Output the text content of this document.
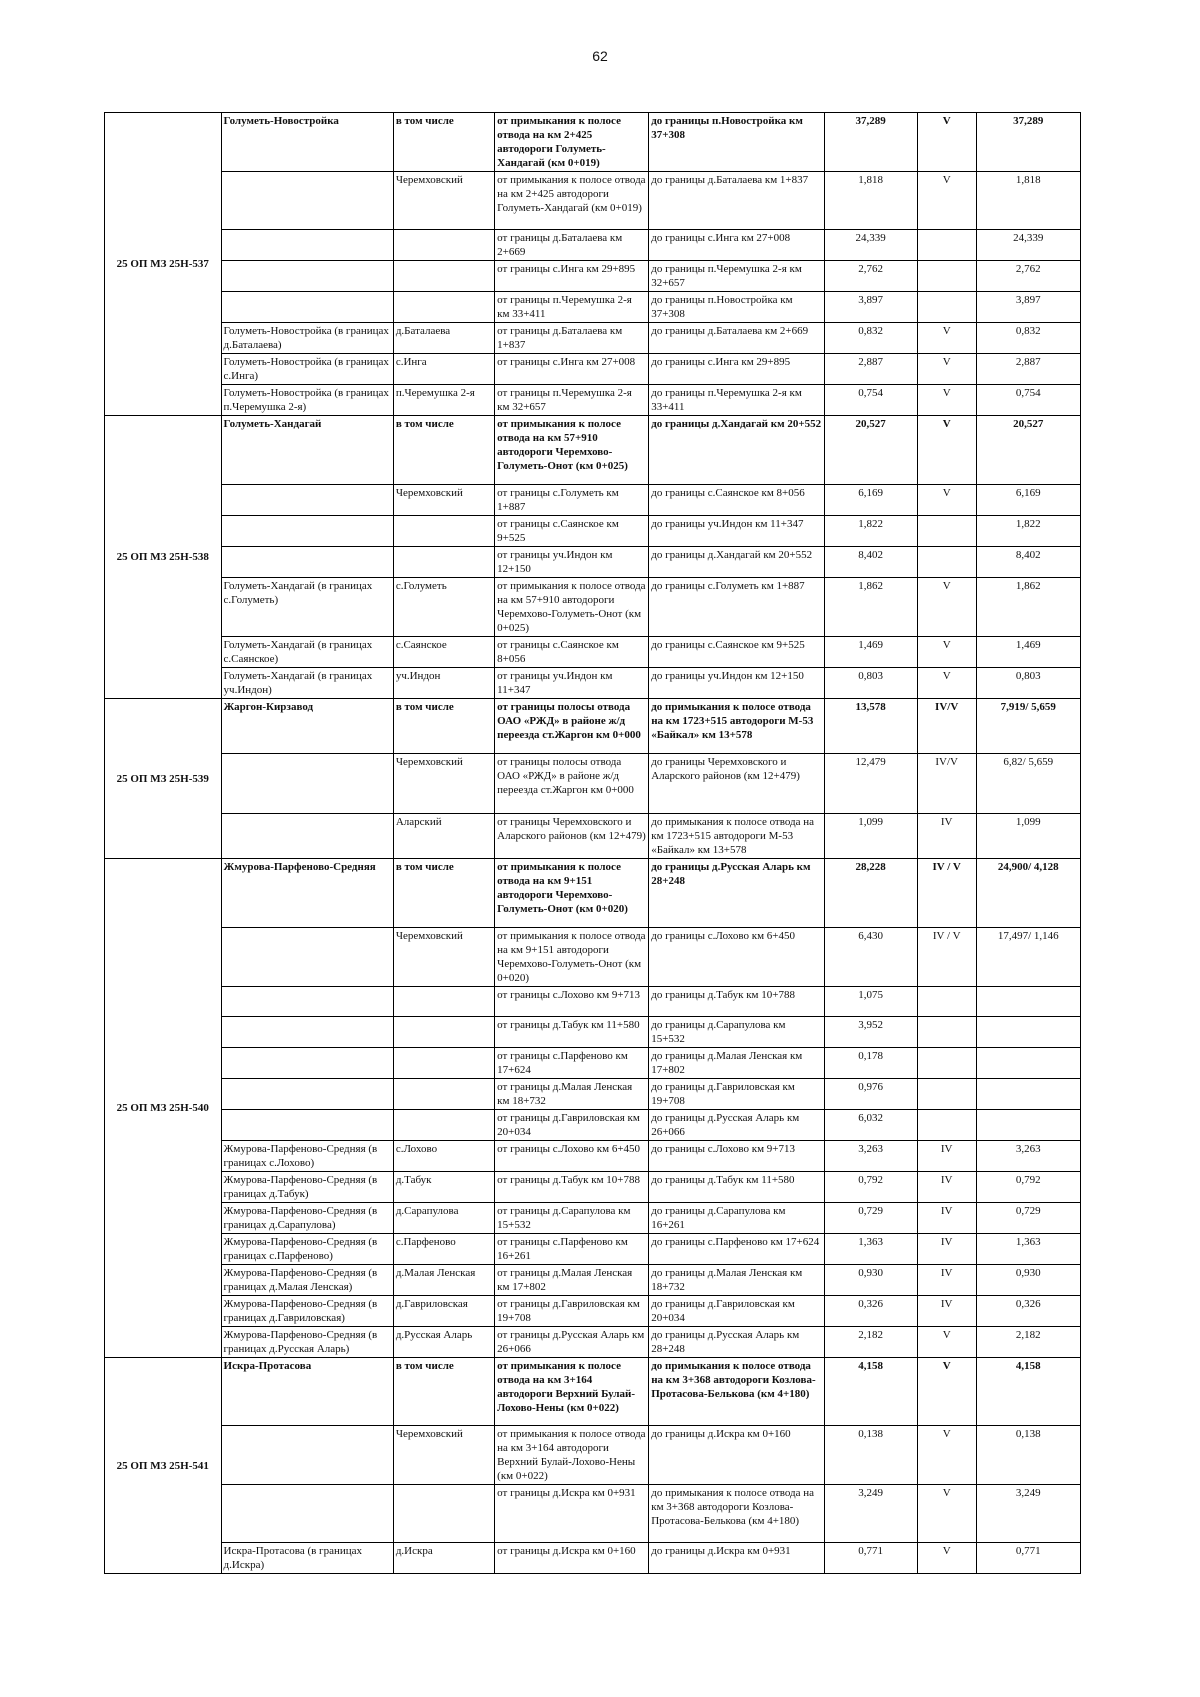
62
25 ОП МЗ 25Н-537	Голуметь-Новостройка	в том числе	от примыкания к полосе отвода на км 2+425 автодороги Голуметь-Хандагай (км 0+019)	до границы п.Новостройка км 37+308	37,289	V	37,289
		Черемховский	от примыкания к полосе отвода на км 2+425 автодороги Голуметь-Хандагай (км 0+019)	до границы д.Баталаева км 1+837	1,818	V	1,818
			от границы д.Баталаева км 2+669	до границы с.Инга км 27+008	24,339		24,339
			от границы с.Инга км 29+895	до границы п.Черемушка 2-я км 32+657	2,762		2,762
			от границы п.Черемушка 2-я км 33+411	до границы п.Новостройка км 37+308	3,897		3,897
	Голуметь-Новостройка (в границах д.Баталаева)	д.Баталаева	от границы д.Баталаева км 1+837	до границы д.Баталаева км 2+669	0,832	V	0,832
	Голуметь-Новостройка (в границах с.Инга)	с.Инга	от границы с.Инга км 27+008	до границы с.Инга км 29+895	2,887	V	2,887
	Голуметь-Новостройка (в границах п.Черемушка 2-я)	п.Черемушка 2-я	от границы п.Черемушка 2-я км 32+657	до границы п.Черемушка 2-я км 33+411	0,754	V	0,754
25 ОП МЗ 25Н-538	Голуметь-Хандагай	в том числе	от примыкания к полосе отвода на км 57+910 автодороги Черемхово-Голуметь-Онот (км 0+025)	до границы д.Хандагай км 20+552	20,527	V	20,527
		Черемховский	от границы с.Голуметь км 1+887	до границы с.Саянское км 8+056	6,169	V	6,169
			от границы с.Саянское км 9+525	до границы уч.Индон км 11+347	1,822		1,822
			от границы уч.Индон км 12+150	до границы д.Хандагай км 20+552	8,402		8,402
	Голуметь-Хандагай (в границах с.Голуметь)	с.Голуметь	от примыкания к полосе отвода на км 57+910 автодороги Черемхово-Голуметь-Онот (км 0+025)	до границы с.Голуметь км 1+887	1,862	V	1,862
	Голуметь-Хандагай (в границах с.Саянское)	с.Саянское	от границы с.Саянское км 8+056	до границы с.Саянское км 9+525	1,469	V	1,469
	Голуметь-Хандагай (в границах уч.Индон)	уч.Индон	от границы уч.Индон км 11+347	до границы уч.Индон км 12+150	0,803	V	0,803
25 ОП МЗ 25Н-539	Жаргон-Кирзавод	в том числе	от границы полосы отвода ОАО «РЖД» в районе ж/д переезда ст.Жаргон км 0+000	до примыкания к полосе отвода на км 1723+515 автодороги М-53 «Байкал» км 13+578	13,578	IV/V	7,919/ 5,659
		Черемховский	от границы полосы отвода ОАО «РЖД» в районе ж/д переезда ст.Жаргон км 0+000	до границы Черемховского и Аларского районов (км 12+479)	12,479	IV/V	6,82/ 5,659
		Аларский	от границы Черемховского и Аларского районов (км 12+479)	до примыкания к полосе отвода на км 1723+515 автодороги М-53 «Байкал» км 13+578	1,099	IV	1,099
25 ОП МЗ 25Н-540	Жмурова-Парфеново-Средняя	в том числе	от примыкания к полосе отвода на км 9+151 автодороги Черемхово-Голуметь-Онот (км 0+020)	до границы д.Русская Аларь км 28+248	28,228	IV / V	24,900/ 4,128
		Черемховский	от примыкания к полосе отвода на км 9+151 автодороги Черемхово-Голуметь-Онот (км 0+020)	до границы с.Лохово км 6+450	6,430	IV / V	17,497/ 1,146
			от границы с.Лохово км 9+713	до границы д.Табук км 10+788	1,075		
			от границы д.Табук км 11+580	до границы д.Сарапулова км 15+532	3,952		
			от границы с.Парфеново км 17+624	до границы д.Малая Ленская км 17+802	0,178		
			от границы д.Малая Ленская км 18+732	до границы д.Гавриловская км 19+708	0,976		
			от границы д.Гавриловская км 20+034	до границы д.Русская Аларь км 26+066	6,032		
	Жмурова-Парфеново-Средняя (в границах с.Лохово)	с.Лохово	от границы с.Лохово км 6+450	до границы с.Лохово км 9+713	3,263	IV	3,263
	Жмурова-Парфеново-Средняя (в границах д.Табук)	д.Табук	от границы д.Табук км 10+788	до границы д.Табук км 11+580	0,792	IV	0,792
	Жмурова-Парфеново-Средняя (в границах д.Сарапулова)	д.Сарапулова	от границы д.Сарапулова км 15+532	до границы д.Сарапулова км 16+261	0,729	IV	0,729
	Жмурова-Парфеново-Средняя (в границах с.Парфеново)	с.Парфеново	от границы с.Парфеново км 16+261	до границы с.Парфеново км 17+624	1,363	IV	1,363
	Жмурова-Парфеново-Средняя (в границах д.Малая Ленская)	д.Малая Ленская	от границы д.Малая Ленская км 17+802	до границы д.Малая Ленская км 18+732	0,930	IV	0,930
	Жмурова-Парфеново-Средняя (в границах д.Гавриловская)	д.Гавриловская	от границы д.Гавриловская км 19+708	до границы д.Гавриловская км 20+034	0,326	IV	0,326
	Жмурова-Парфеново-Средняя (в границах д.Русская Аларь)	д.Русская Аларь	от границы д.Русская Аларь км 26+066	до границы д.Русская Аларь км 28+248	2,182	V	2,182
25 ОП МЗ 25Н-541	Искра-Протасова	в том числе	от примыкания к полосе отвода на км 3+164 автодороги Верхний Булай-Лохово-Нены (км 0+022)	до примыкания к полосе отвода на км 3+368 автодороги Козлова-Протасова-Белькова (км 4+180)	4,158	V	4,158
		Черемховский	от примыкания к полосе отвода на км 3+164 автодороги Верхний Булай-Лохово-Нены (км 0+022)	до границы д.Искра км 0+160	0,138	V	0,138
			от границы д.Искра км 0+931	до примыкания к полосе отвода на км 3+368 автодороги Козлова-Протасова-Белькова (км 4+180)	3,249	V	3,249
	Искра-Протасова (в границах д.Искра)	д.Искра	от границы д.Искра км 0+160	до границы д.Искра км 0+931	0,771	V	0,771
